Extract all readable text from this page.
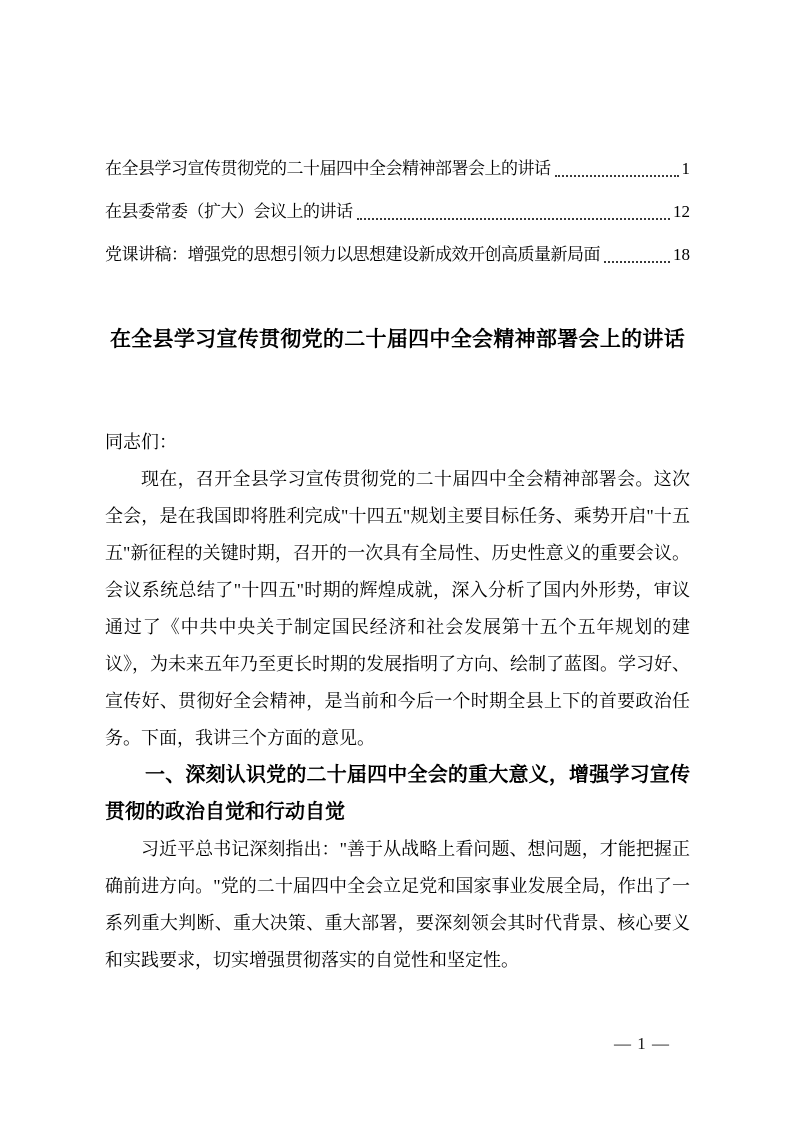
在全县学习宣传贯彻党的二十届四中全会精神部署会上的讲话	1
在县委常委（扩大）会议上的讲话	12
党课讲稿：增强党的思想引领力以思想建设新成效开创高质量新局面	18
在全县学习宣传贯彻党的二十届四中全会精神部署会上的讲话

同志们：

现在，召开全县学习宣传贯彻党的二十届四中全会精神部署会。这次全会，是在我国即将胜利完成"十四五"规划主要目标任务、乘势开启"十五五"新征程的关键时期，召开的一次具有全局性、历史性意义的重要会议。会议系统总结了"十四五"时期的辉煌成就，深入分析了国内外形势，审议通过了《中共中央关于制定国民经济和社会发展第十五个五年规划的建议》，为未来五年乃至更长时期的发展指明了方向、绘制了蓝图。学习好、宣传好、贯彻好全会精神，是当前和今后一个时期全县上下的首要政治任务。下面，我讲三个方面的意见。

一、深刻认识党的二十届四中全会的重大意义，增强学习宣传贯彻的政治自觉和行动自觉

习近平总书记深刻指出："善于从战略上看问题、想问题，才能把握正确前进方向。"党的二十届四中全会立足党和国家事业发展全局，作出了一系列重大判断、重大决策、重大部署，要深刻领会其时代背景、核心要义和实践要求，切实增强贯彻落实的自觉性和坚定性。

— 1 —
